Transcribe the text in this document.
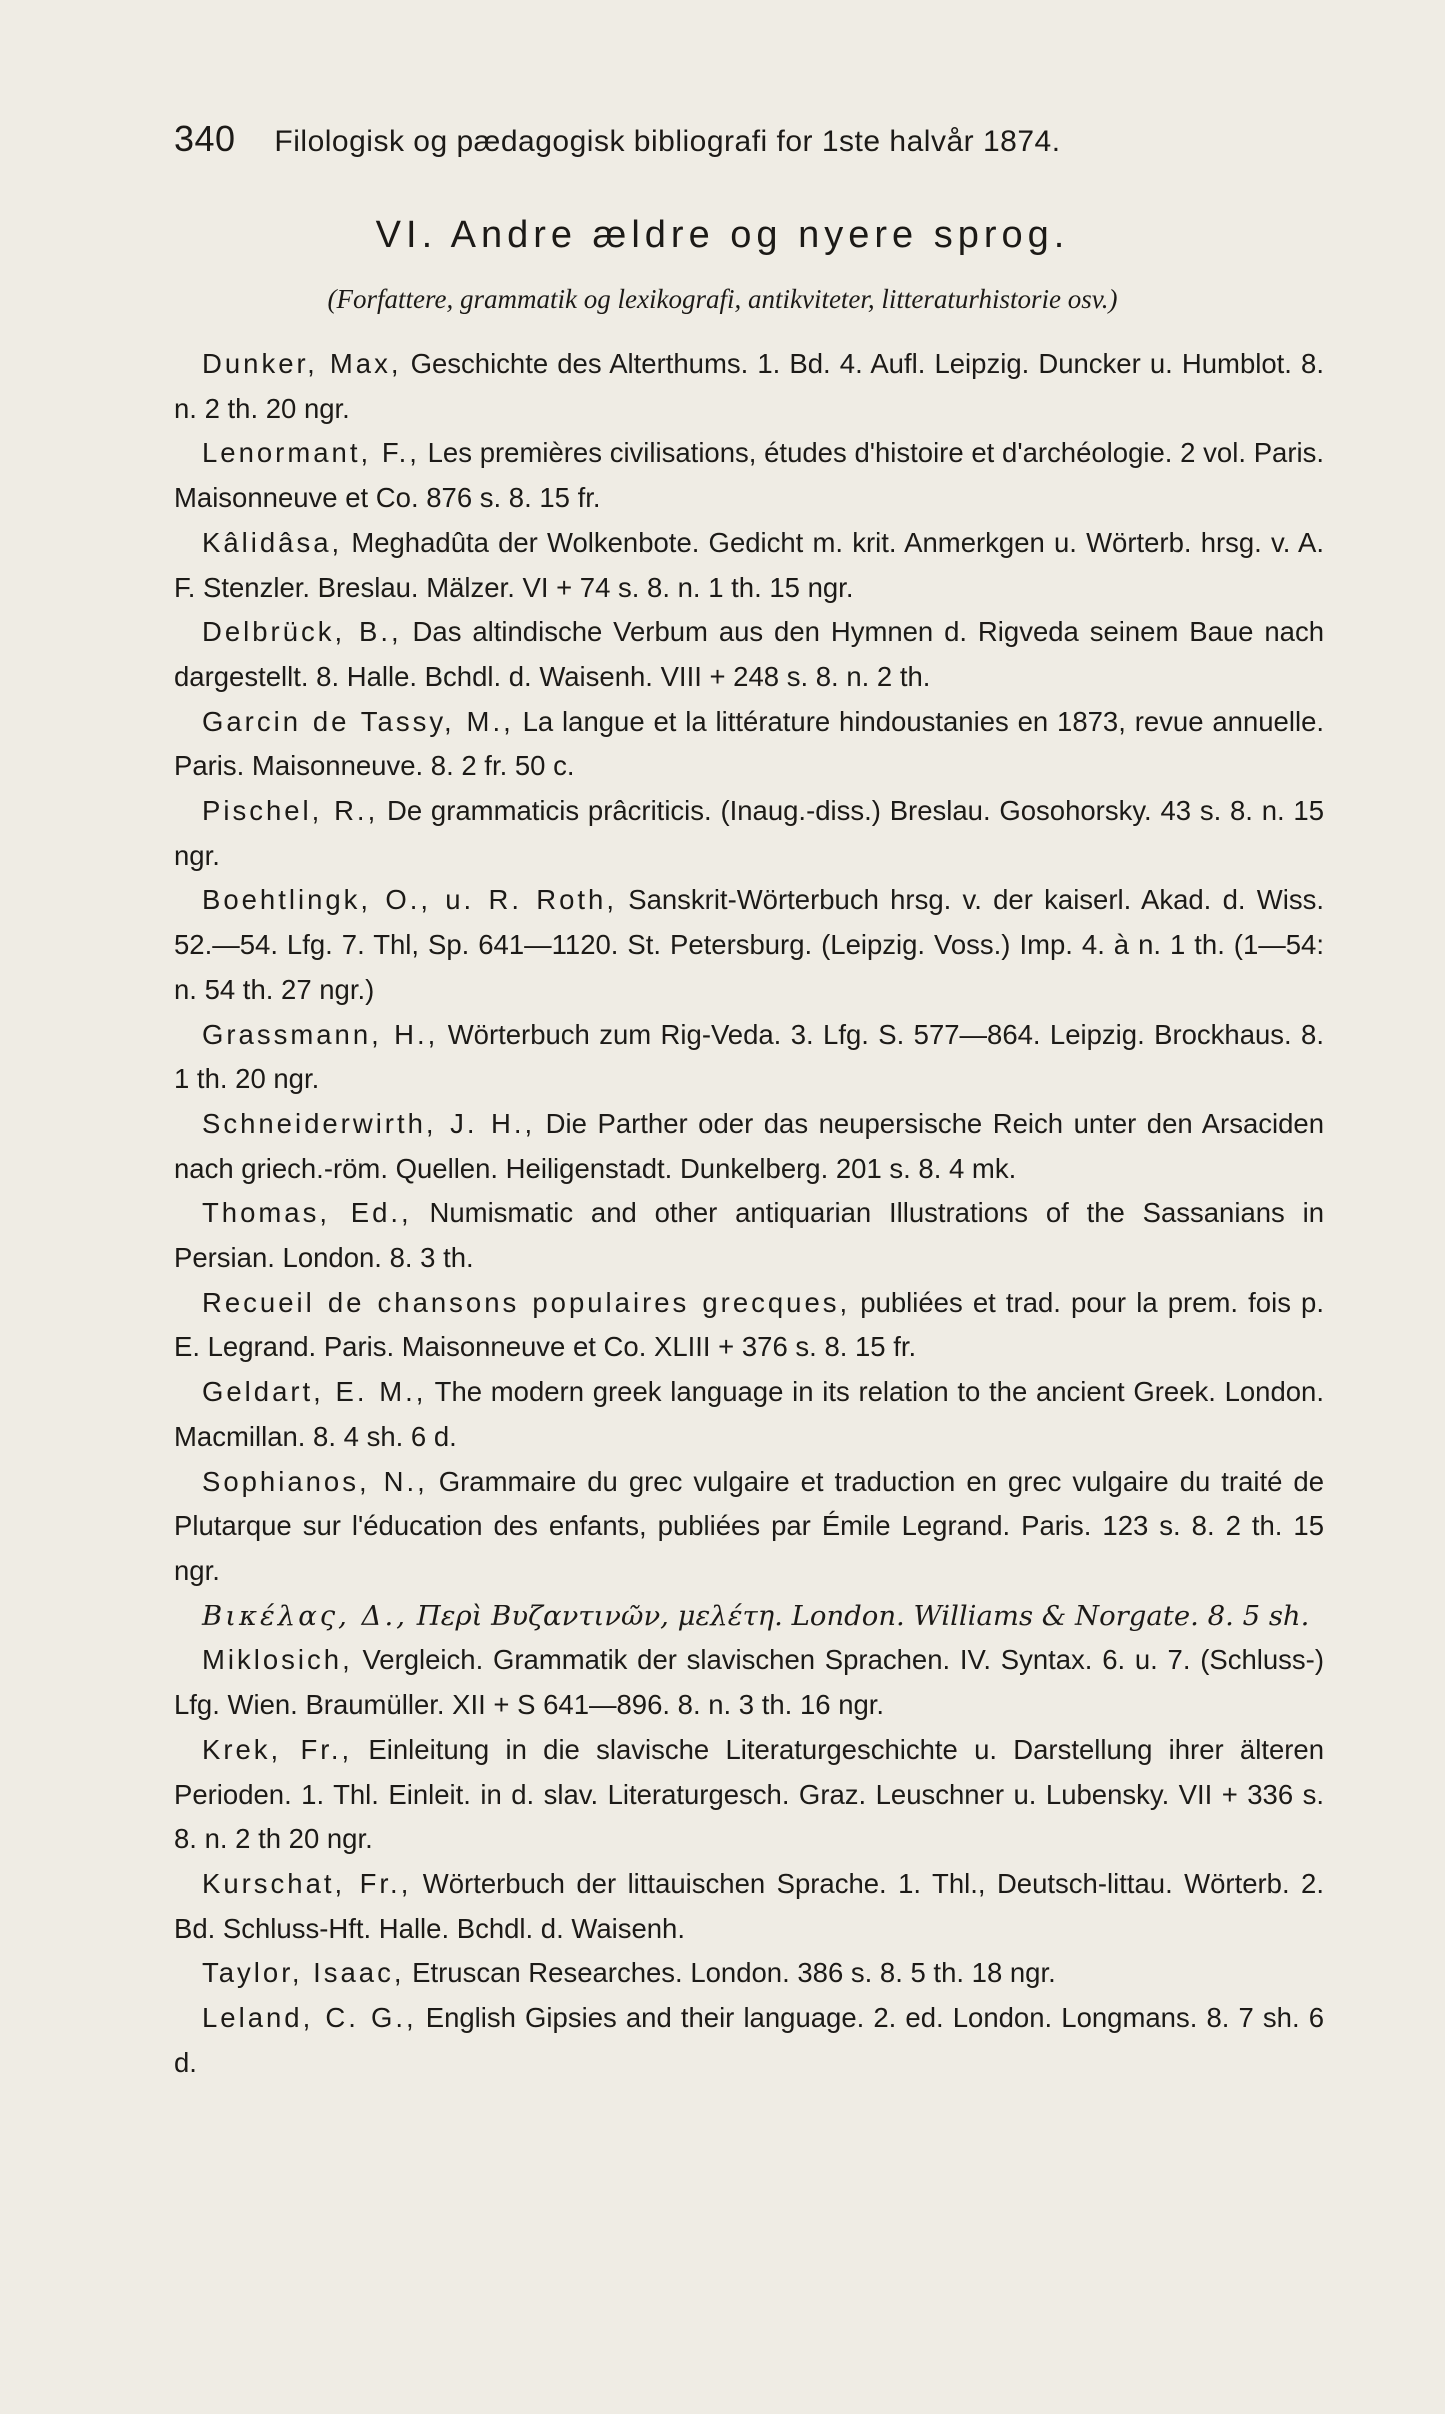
340 Filologisk og pædagogisk bibliografi for 1ste halvår 1874.
VI. Andre ældre og nyere sprog.
(Forfattere, grammatik og lexikografi, antikviteter, litteraturhistorie osv.)

Dunker, Max, Geschichte des Alterthums. 1. Bd. 4. Aufl. Leipzig. Duncker u. Humblot. 8. n. 2 th. 20 ngr.

Lenormant, F., Les premières civilisations, études d'histoire et d'archéologie. 2 vol. Paris. Maisonneuve et Co. 876 s. 8. 15 fr.

Kâlidâsa, Meghadûta der Wolkenbote. Gedicht m. krit. Anmerkgen u. Wörterb. hrsg. v. A. F. Stenzler. Breslau. Mälzer. VI + 74 s. 8. n. 1 th. 15 ngr.

Delbrück, B., Das altindische Verbum aus den Hymnen d. Rigveda seinem Baue nach dargestellt. 8. Halle. Bchdl. d. Waisenh. VIII + 248 s. 8. n. 2 th.

Garcin de Tassy, M., La langue et la littérature hindoustanies en 1873, revue annuelle. Paris. Maisonneuve. 8. 2 fr. 50 c.

Pischel, R., De grammaticis prâcriticis. (Inaug.-diss.) Breslau. Gosohorsky. 43 s. 8. n. 15 ngr.

Boehtlingk, O., u. R. Roth, Sanskrit-Wörterbuch hrsg. v. der kaiserl. Akad. d. Wiss. 52.—54. Lfg. 7. Thl, Sp. 641—1120. St. Petersburg. (Leipzig. Voss.) Imp. 4. à n. 1 th. (1—54: n. 54 th. 27 ngr.)

Grassmann, H., Wörterbuch zum Rig-Veda. 3. Lfg. S. 577—864. Leipzig. Brockhaus. 8. 1 th. 20 ngr.

Schneiderwirth, J. H., Die Parther oder das neupersische Reich unter den Arsaciden nach griech.-röm. Quellen. Heiligenstadt. Dunkelberg. 201 s. 8. 4 mk.

Thomas, Ed., Numismatic and other antiquarian Illustrations of the Sassanians in Persian. London. 8. 3 th.

Recueil de chansons populaires grecques, publiées et trad. pour la prem. fois p. E. Legrand. Paris. Maisonneuve et Co. XLIII + 376 s. 8. 15 fr.

Geldart, E. M., The modern greek language in its relation to the ancient Greek. London. Macmillan. 8. 4 sh. 6 d.

Sophianos, N., Grammaire du grec vulgaire et traduction en grec vulgaire du traité de Plutarque sur l'éducation des enfants, publiées par Émile Legrand. Paris. 123 s. 8. 2 th. 15 ngr.

Βικέλας, Δ., Περὶ Βυζαντινῶν, μελέτη. London. Williams & Norgate. 8. 5 sh.

Miklosich, Vergleich. Grammatik der slavischen Sprachen. IV. Syntax. 6. u. 7. (Schluss-) Lfg. Wien. Braumüller. XII + S 641—896. 8. n. 3 th. 16 ngr.

Krek, Fr., Einleitung in die slavische Literaturgeschichte u. Darstellung ihrer älteren Perioden. 1. Thl. Einleit. in d. slav. Literaturgesch. Graz. Leuschner u. Lubensky. VII + 336 s. 8. n. 2 th 20 ngr.

Kurschat, Fr., Wörterbuch der littauischen Sprache. 1. Thl., Deutsch-littau. Wörterb. 2. Bd. Schluss-Hft. Halle. Bchdl. d. Waisenh.

Taylor, Isaac, Etruscan Researches. London. 386 s. 8. 5 th. 18 ngr.

Leland, C. G., English Gipsies and their language. 2. ed. London. Longmans. 8. 7 sh. 6 d.
